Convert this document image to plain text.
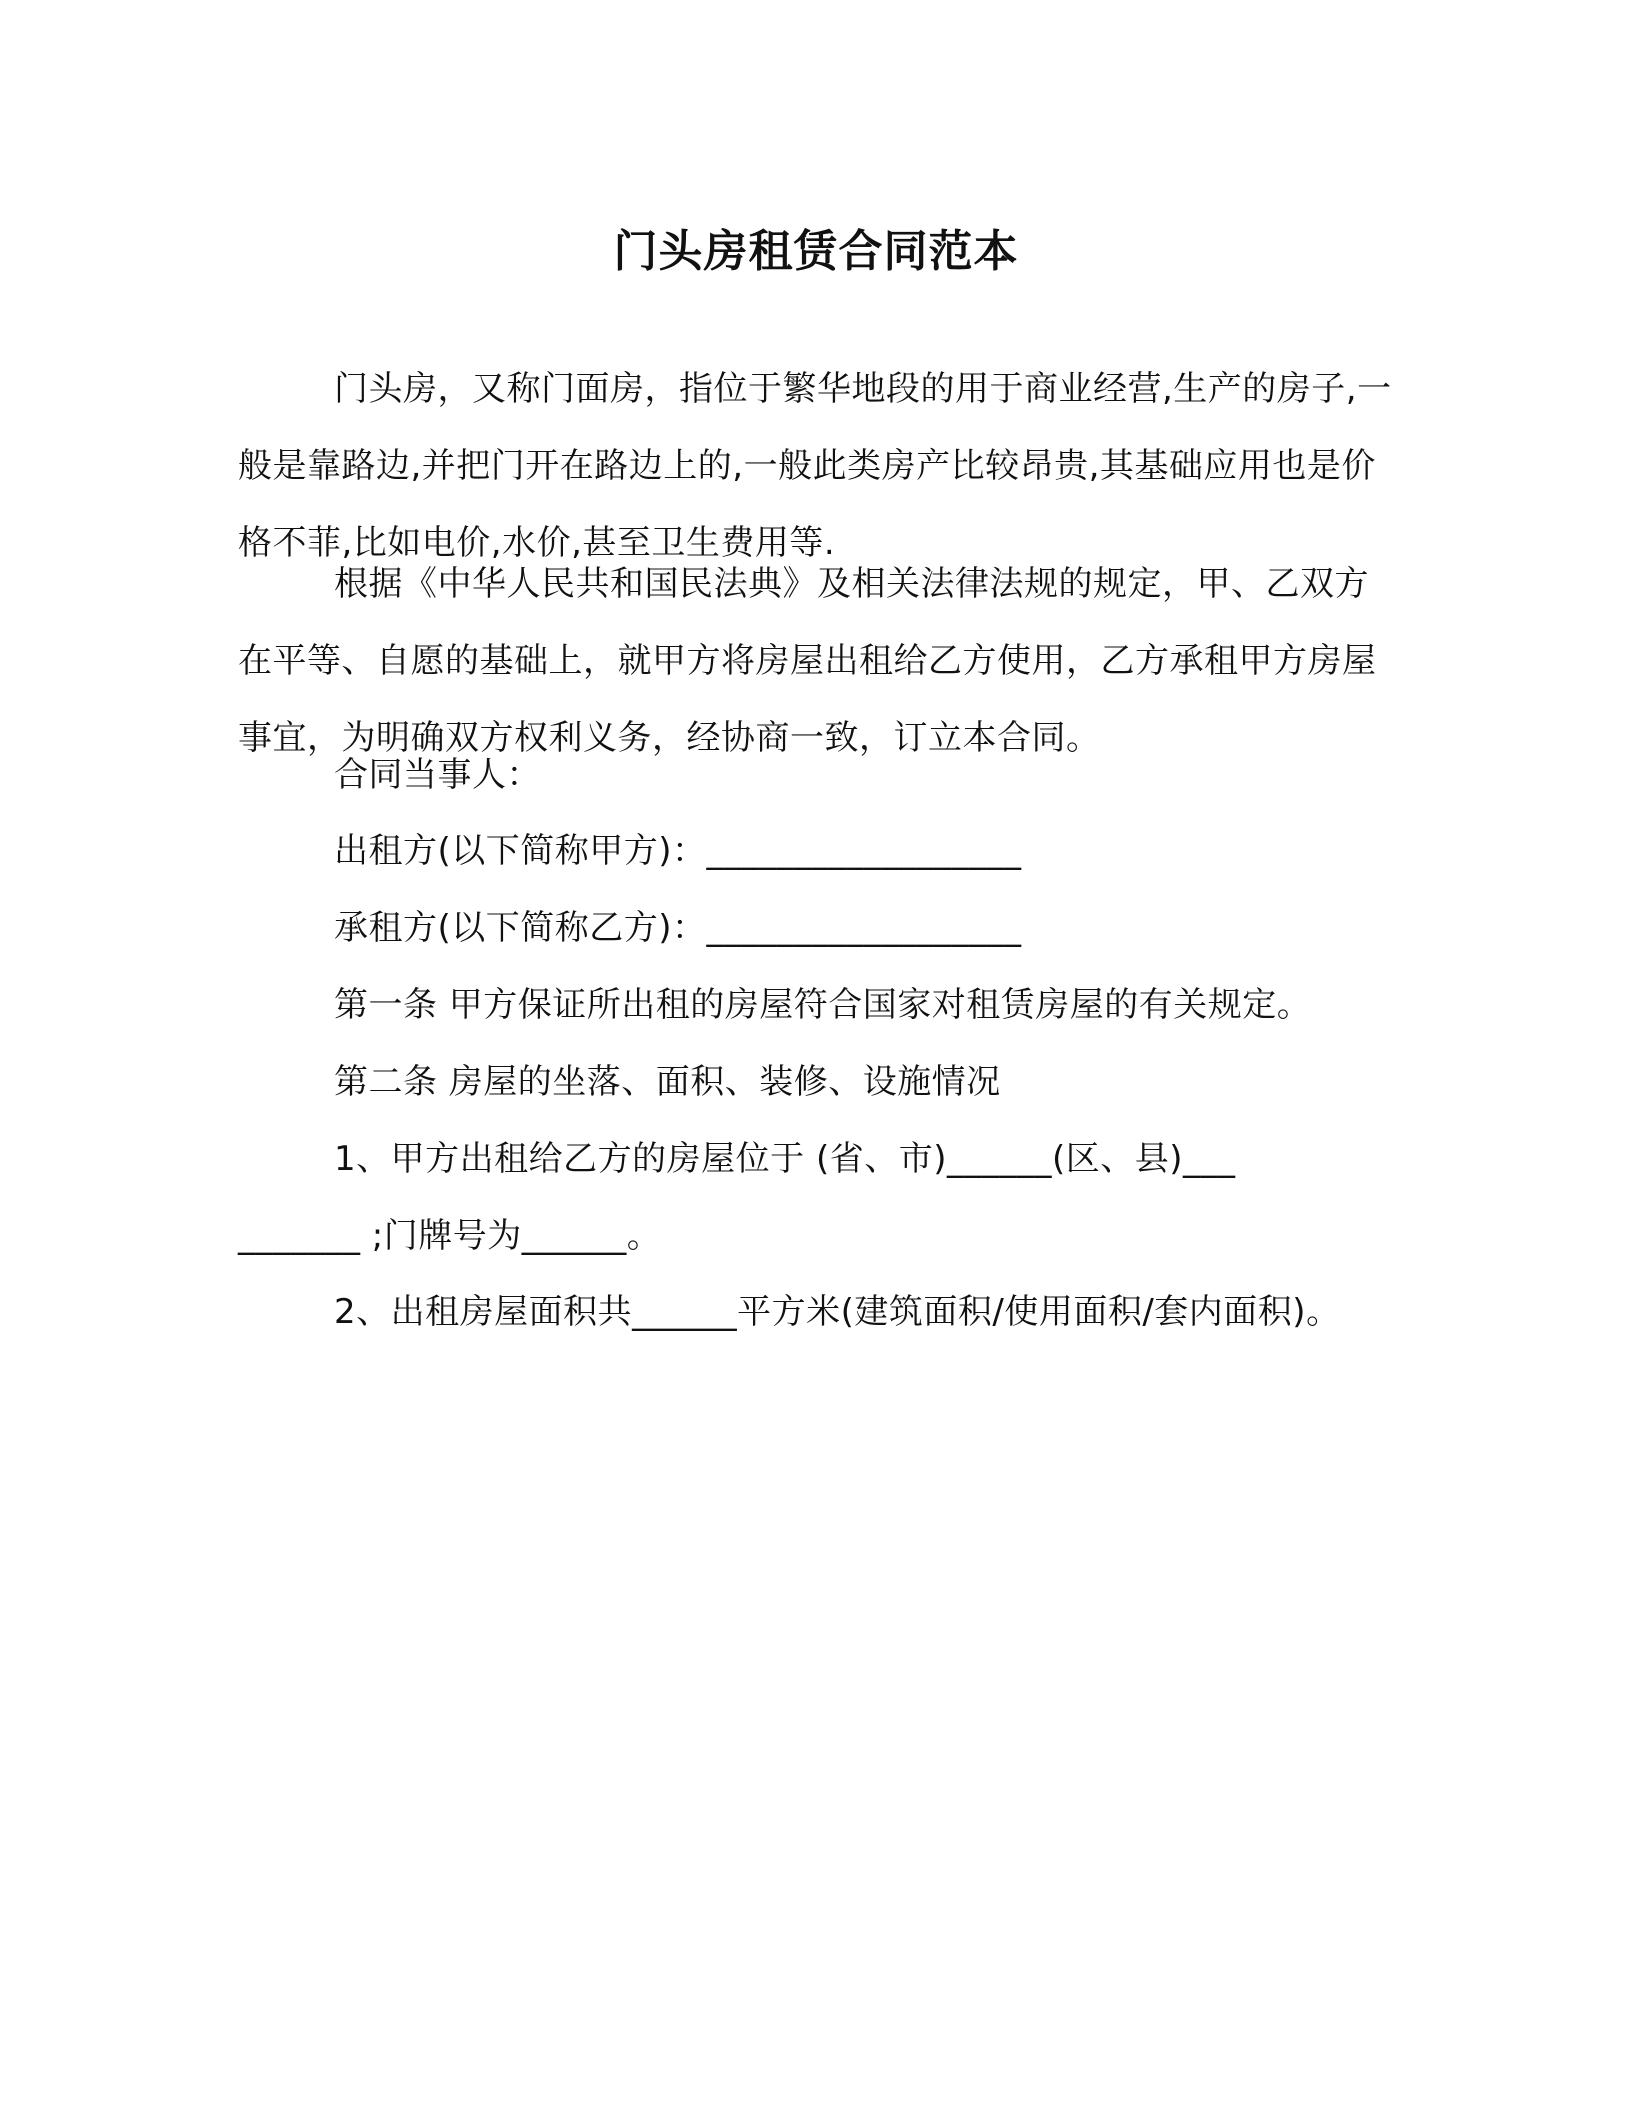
门头房租赁合同范本

门头房，又称门面房，指位于繁华地段的用于商业经营,生产的房子,一般是靠路边,并把门开在路边上的,一般此类房产比较昂贵,其基础应用也是价格不菲,比如电价,水价,甚至卫生费用等.

根据《中华人民共和国民法典》及相关法律法规的规定，甲、乙双方在平等、自愿的基础上，就甲方将房屋出租给乙方使用，乙方承租甲方房屋事宜，为明确双方权利义务，经协商一致，订立本合同。

合同当事人：

出租方(以下简称甲方)：__________________

承租方(以下简称乙方)：__________________

第一条 甲方保证所出租的房屋符合国家对租赁房屋的有关规定。

第二条 房屋的坐落、面积、装修、设施情况

1、甲方出租给乙方的房屋位于 (省、市)______(区、县)__________ ;门牌号为______。

2、出租房屋面积共______平方米(建筑面积/使用面积/套内面积)。
